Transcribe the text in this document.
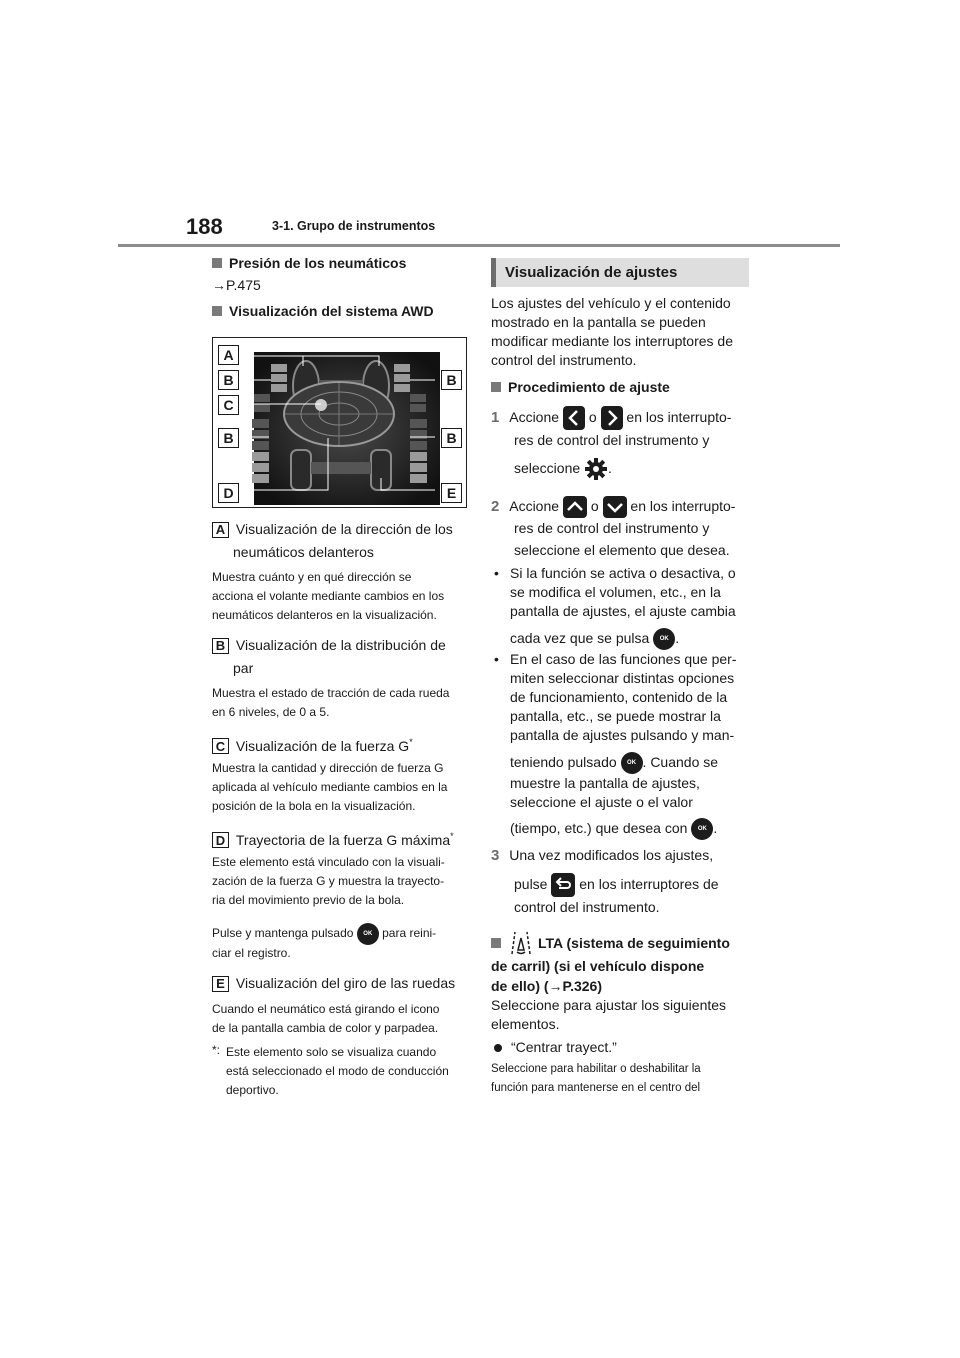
188	3-1. Grupo de instrumentos
Presión de los neumáticos
→P.475
Visualización del sistema AWD
A
B
C
B
D
B
B
E
A Visualización de la dirección de los
neumáticos delanteros
Muestra cuánto y en qué dirección se
acciona el volante mediante cambios en los
neumáticos delanteros en la visualización.
B Visualización de la distribución de
par
Muestra el estado de tracción de cada rueda
en 6 niveles, de 0 a 5.
C Visualización de la fuerza G*
Muestra la cantidad y dirección de fuerza G
aplicada al vehículo mediante cambios en la
posición de la bola en la visualización.
D Trayectoria de la fuerza G máxima*
Este elemento está vinculado con la visuali-
zación de la fuerza G y muestra la trayecto-
ria del movimiento previo de la bola.
Pulse y mantenga pulsado OK para reini-
ciar el registro.
E Visualización del giro de las ruedas
Cuando el neumático está girando el icono
de la pantalla cambia de color y parpadea.
*: Este elemento solo se visualiza cuando
está seleccionado el modo de conducción
deportivo.
Visualización de ajustes
Los ajustes del vehículo y el contenido
mostrado en la pantalla se pueden
modificar mediante los interruptores de
control del instrumento.
Procedimiento de ajuste
1 Accione o en los interrupto-
res de control del instrumento y
seleccione .
2 Accione o en los interrupto-
res de control del instrumento y
seleccione el elemento que desea.
• Si la función se activa o desactiva, o
se modifica el volumen, etc., en la
pantalla de ajustes, el ajuste cambia
cada vez que se pulsa OK .
• En el caso de las funciones que per-
miten seleccionar distintas opciones
de funcionamiento, contenido de la
pantalla, etc., se puede mostrar la
pantalla de ajustes pulsando y man-
teniendo pulsado OK . Cuando se
muestre la pantalla de ajustes,
seleccione el ajuste o el valor
(tiempo, etc.) que desea con OK .
3 Una vez modificados los ajustes,
pulse en los interruptores de
control del instrumento.
LTA (sistema de seguimiento
de carril) (si el vehículo dispone
de ello) (→P.326)
Seleccione para ajustar los siguientes
elementos.
“Centrar trayect.”
Seleccione para habilitar o deshabilitar la
función para mantenerse en el centro del
